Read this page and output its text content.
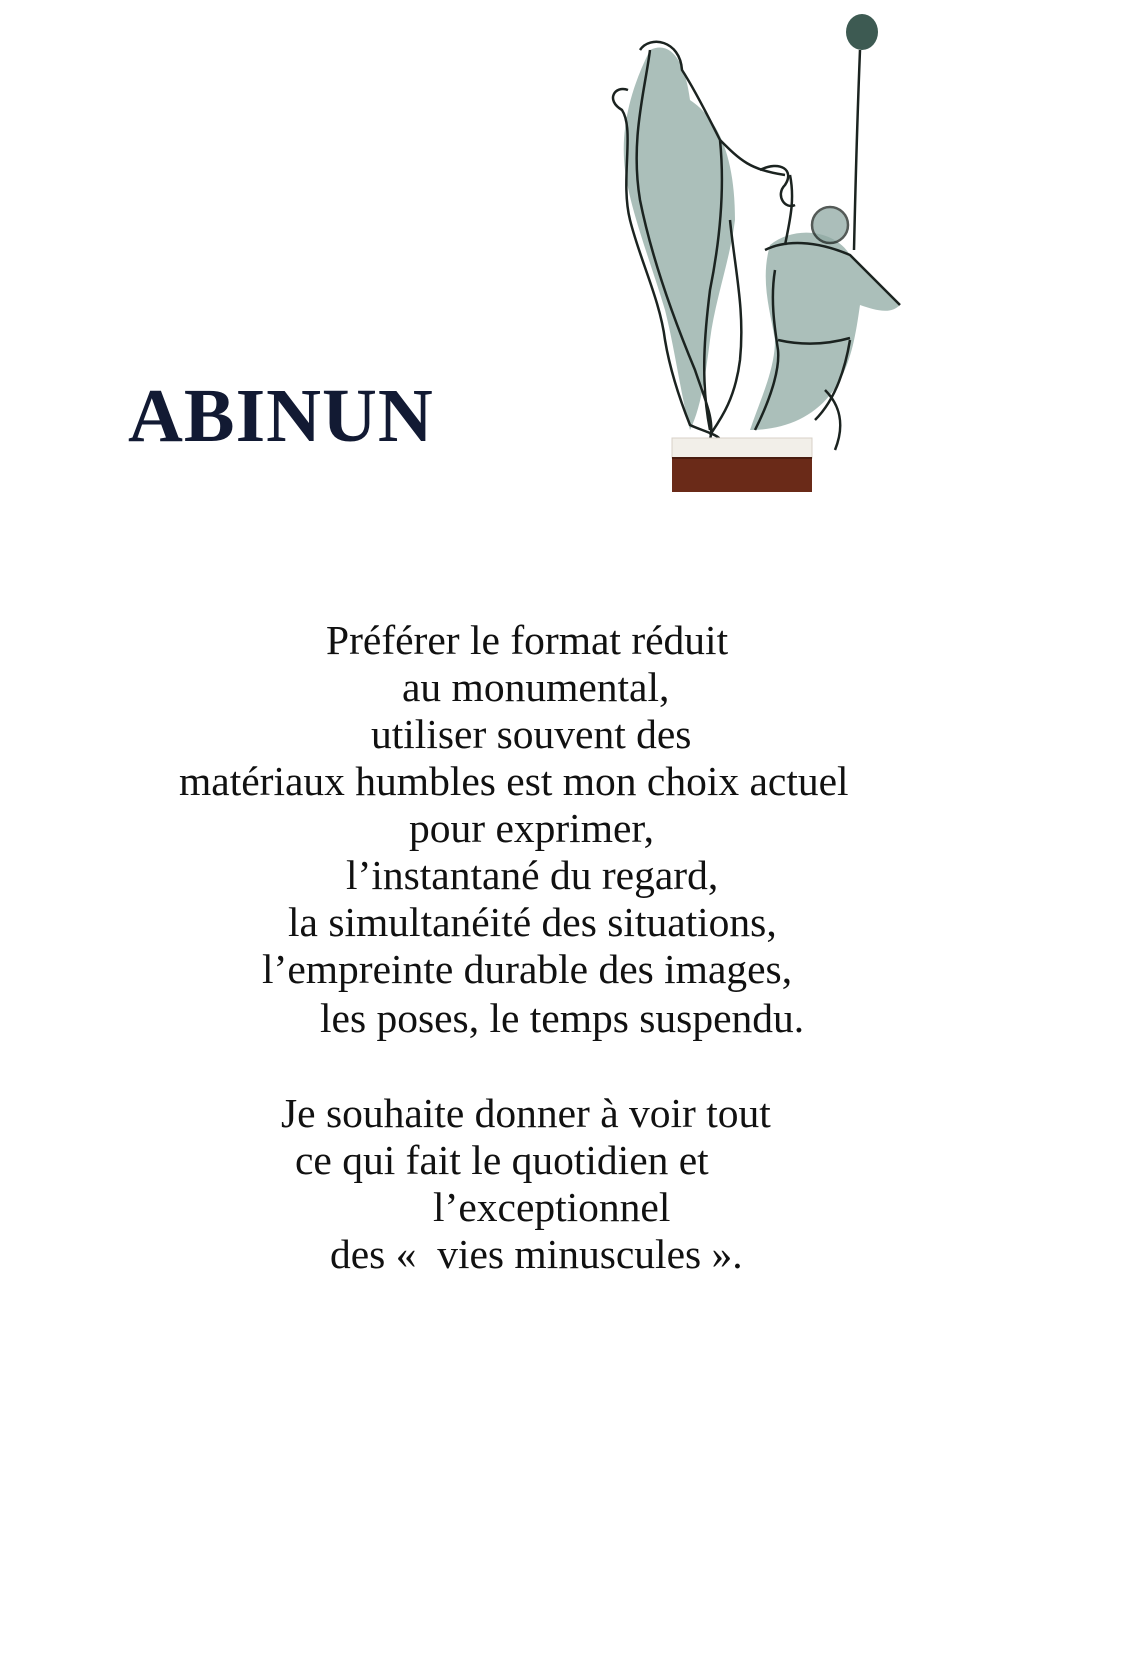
ABINUN
Préférer le format réduit
au monumental,
utiliser souvent des
matériaux humbles est mon choix actuel
pour exprimer,
l’instantané du regard,
la simultanéité des situations,
l’empreinte durable des images,
les poses, le temps suspendu.
Je souhaite donner à voir tout
ce qui fait le quotidien et
l’exceptionnel
des «  vies minuscules ».
